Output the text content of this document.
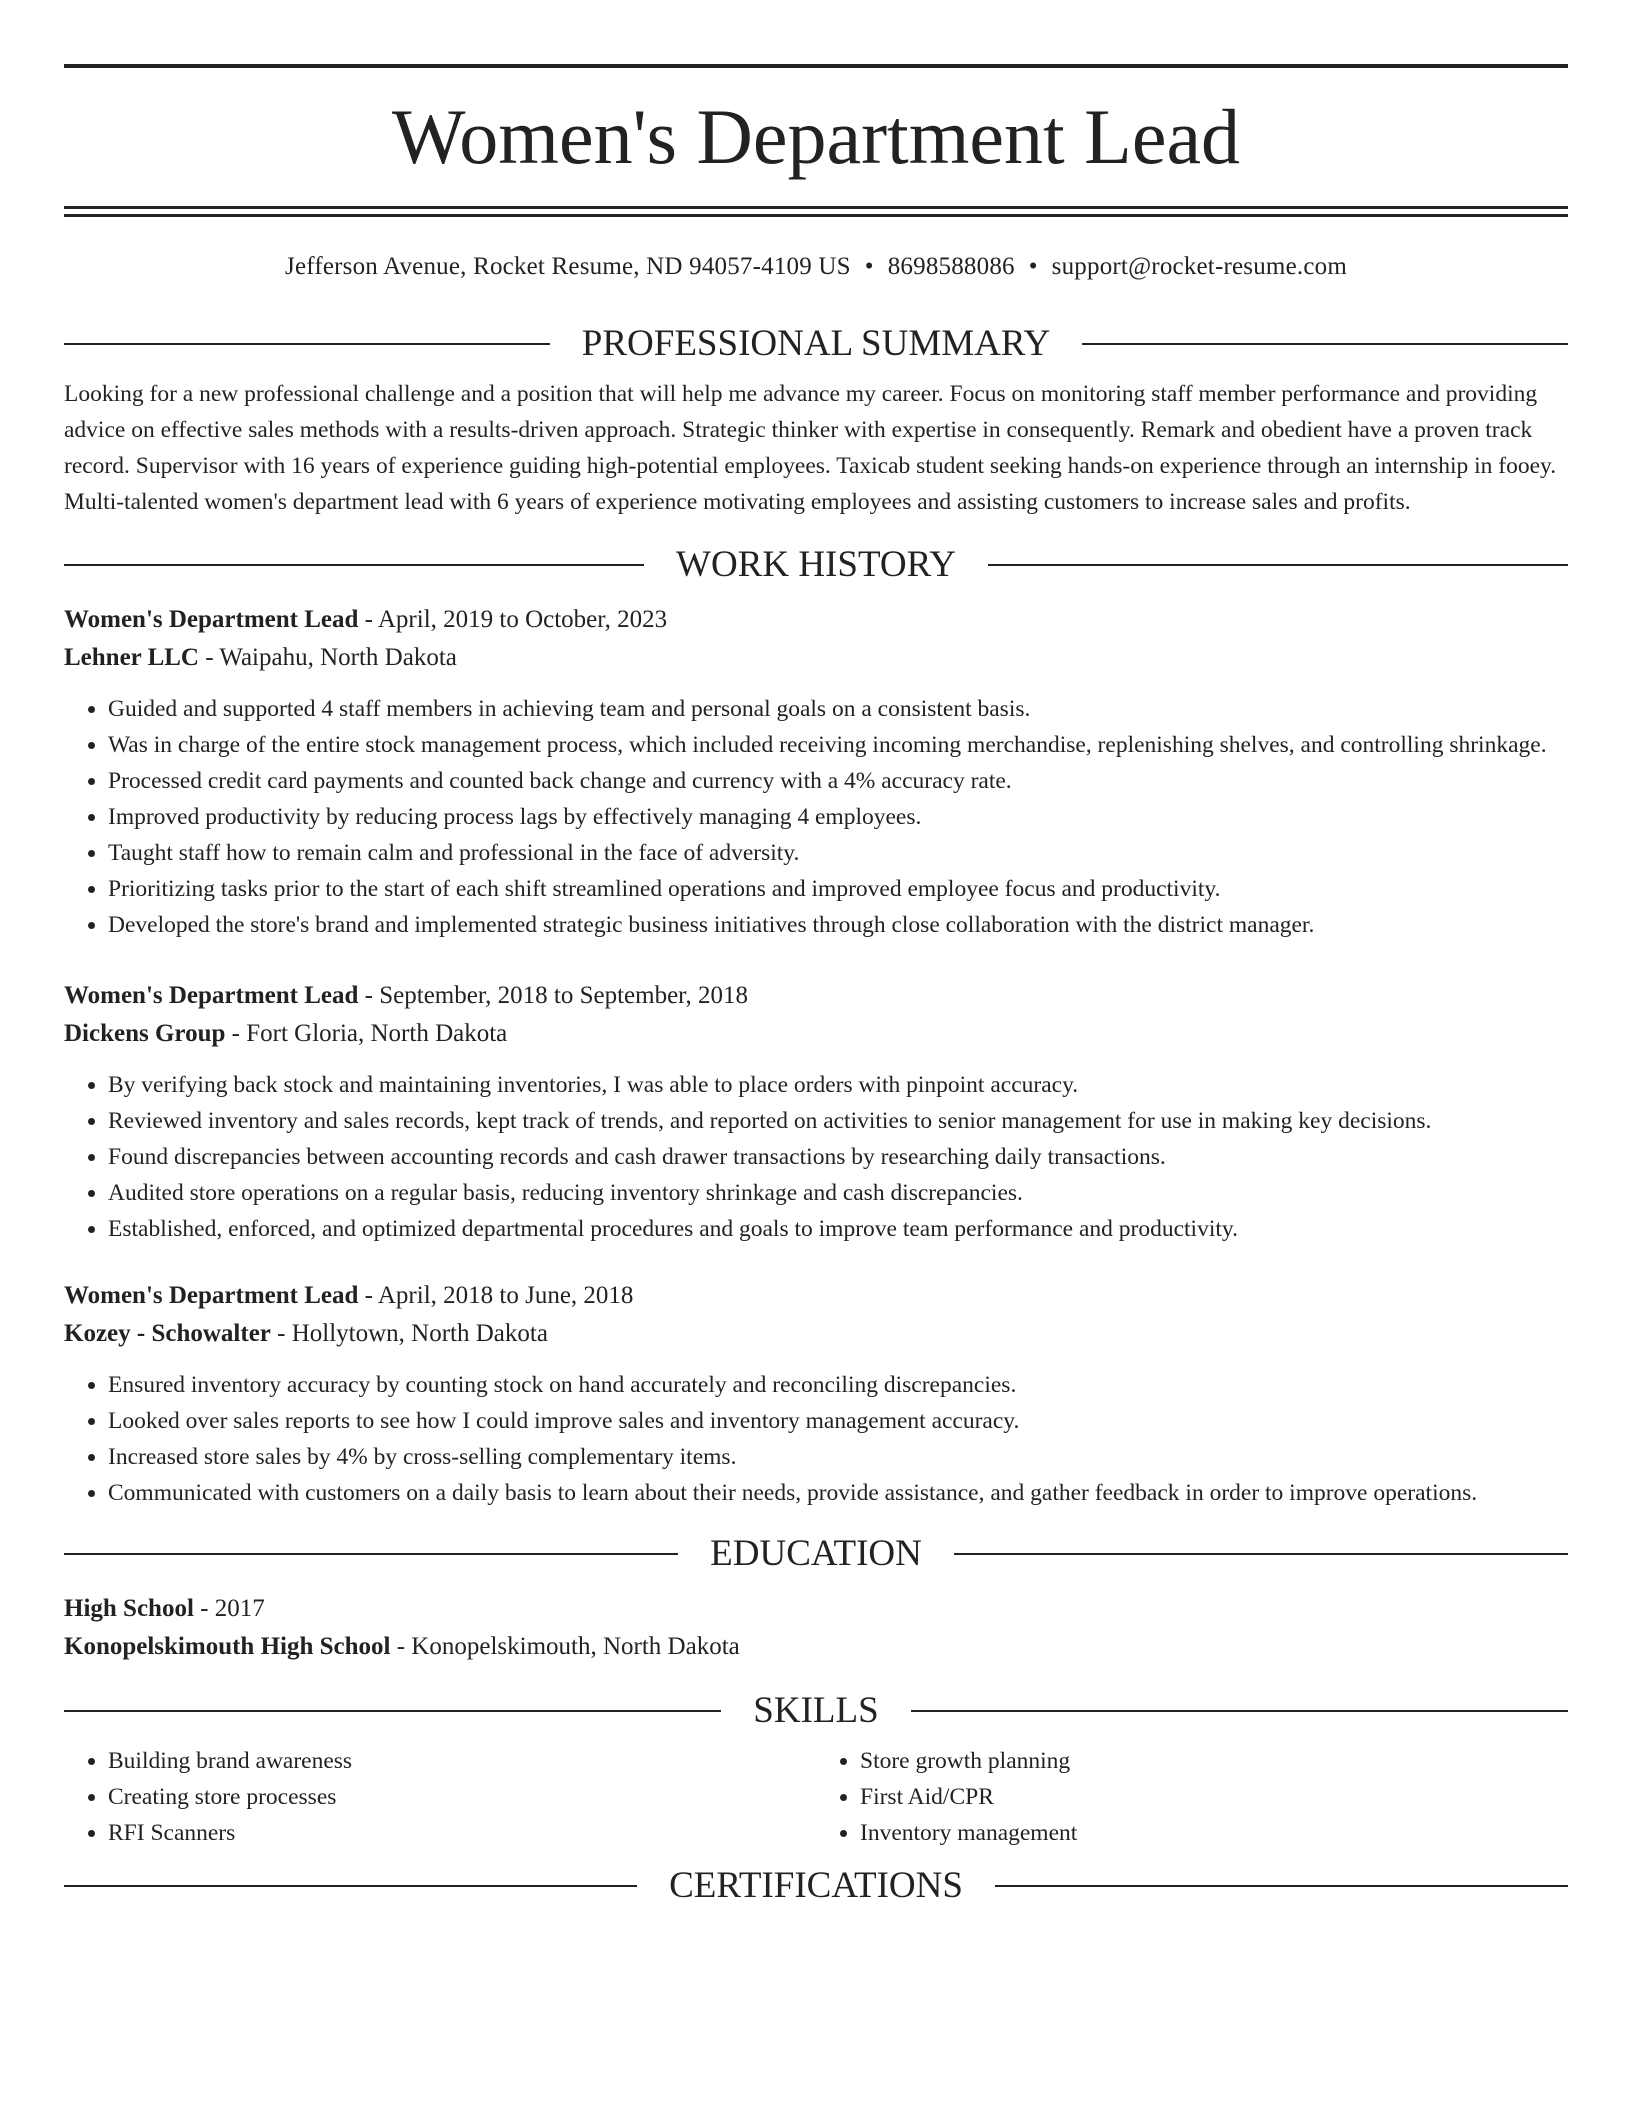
Women's Department Lead
Jefferson Avenue, Rocket Resume, ND 94057-4109 US • 8698588086 • support@rocket-resume.com
PROFESSIONAL SUMMARY

Looking for a new professional challenge and a position that will help me advance my career. Focus on monitoring staff member performance and providing advice on effective sales methods with a results-driven approach. Strategic thinker with expertise in consequently. Remark and obedient have a proven track record. Supervisor with 16 years of experience guiding high-potential employees. Taxicab student seeking hands-on experience through an internship in fooey. Multi-talented women's department lead with 6 years of experience motivating employees and assisting customers to increase sales and profits.

WORK HISTORY
Women's Department Lead - April, 2019 to October, 2023
Lehner LLC - Waipahu, North Dakota
• Guided and supported 4 staff members in achieving team and personal goals on a consistent basis.
• Was in charge of the entire stock management process, which included receiving incoming merchandise, replenishing shelves, and controlling shrinkage.
• Processed credit card payments and counted back change and currency with a 4% accuracy rate.
• Improved productivity by reducing process lags by effectively managing 4 employees.
• Taught staff how to remain calm and professional in the face of adversity.
• Prioritizing tasks prior to the start of each shift streamlined operations and improved employee focus and productivity.
• Developed the store's brand and implemented strategic business initiatives through close collaboration with the district manager.
Women's Department Lead - September, 2018 to September, 2018
Dickens Group - Fort Gloria, North Dakota
• By verifying back stock and maintaining inventories, I was able to place orders with pinpoint accuracy.
• Reviewed inventory and sales records, kept track of trends, and reported on activities to senior management for use in making key decisions.
• Found discrepancies between accounting records and cash drawer transactions by researching daily transactions.
• Audited store operations on a regular basis, reducing inventory shrinkage and cash discrepancies.
• Established, enforced, and optimized departmental procedures and goals to improve team performance and productivity.
Women's Department Lead - April, 2018 to June, 2018
Kozey - Schowalter - Hollytown, North Dakota
• Ensured inventory accuracy by counting stock on hand accurately and reconciling discrepancies.
• Looked over sales reports to see how I could improve sales and inventory management accuracy.
• Increased store sales by 4% by cross-selling complementary items.
• Communicated with customers on a daily basis to learn about their needs, provide assistance, and gather feedback in order to improve operations.
EDUCATION
High School - 2017
Konopelskimouth High School - Konopelskimouth, North Dakota
SKILLS
• Building brand awareness
• Creating store processes
• RFI Scanners
• Store growth planning
• First Aid/CPR
• Inventory management
CERTIFICATIONS
